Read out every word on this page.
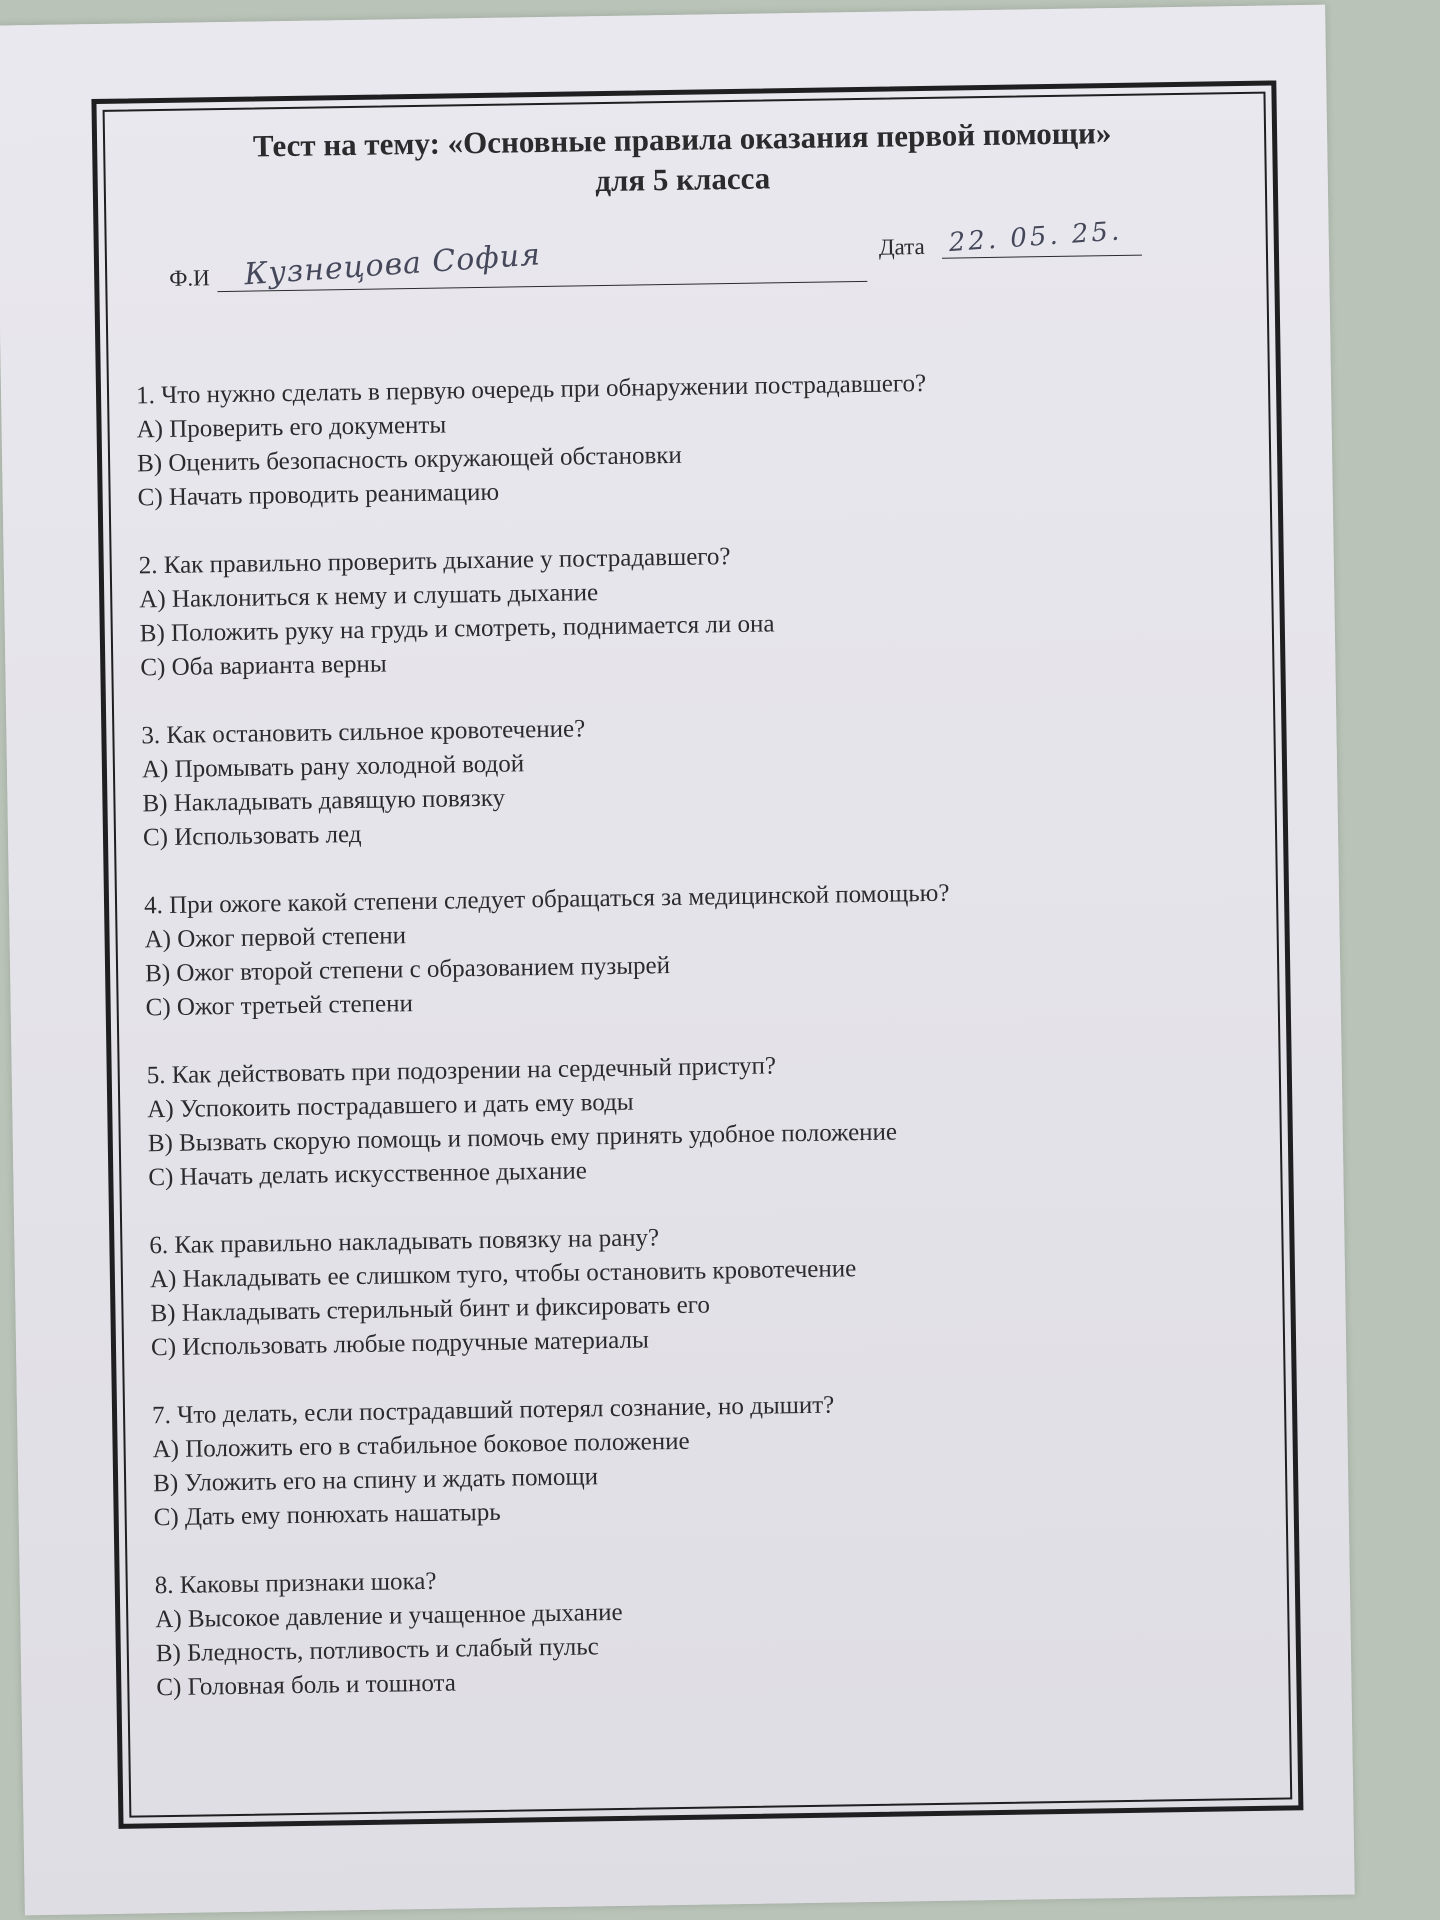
Тест на тему: «Основные правила оказания первой помощи»
для 5 класса

Ф.И Кузнецова София	Дата 22. 05. 25.
1. Что нужно сделать в первую очередь при обнаружении пострадавшего?
А) Проверить его документы
В) Оценить безопасность окружающей обстановки
С) Начать проводить реанимацию
2. Как правильно проверить дыхание у пострадавшего?
А) Наклониться к нему и слушать дыхание
В) Положить руку на грудь и смотреть, поднимается ли она
С) Оба варианта верны
3. Как остановить сильное кровотечение?
А) Промывать рану холодной водой
В) Накладывать давящую повязку
С) Использовать лед
4. При ожоге какой степени следует обращаться за медицинской помощью?
А) Ожог первой степени
В) Ожог второй степени с образованием пузырей
С) Ожог третьей степени
5. Как действовать при подозрении на сердечный приступ?
А) Успокоить пострадавшего и дать ему воды
В) Вызвать скорую помощь и помочь ему принять удобное положение
С) Начать делать искусственное дыхание
6. Как правильно накладывать повязку на рану?
А) Накладывать ее слишком туго, чтобы остановить кровотечение
В) Накладывать стерильный бинт и фиксировать его
С) Использовать любые подручные материалы
7. Что делать, если пострадавший потерял сознание, но дышит?
А) Положить его в стабильное боковое положение
В) Уложить его на спину и ждать помощи
С) Дать ему понюхать нашатырь
8. Каковы признаки шока?
А) Высокое давление и учащенное дыхание
В) Бледность, потливость и слабый пульс
С) Головная боль и тошнота
